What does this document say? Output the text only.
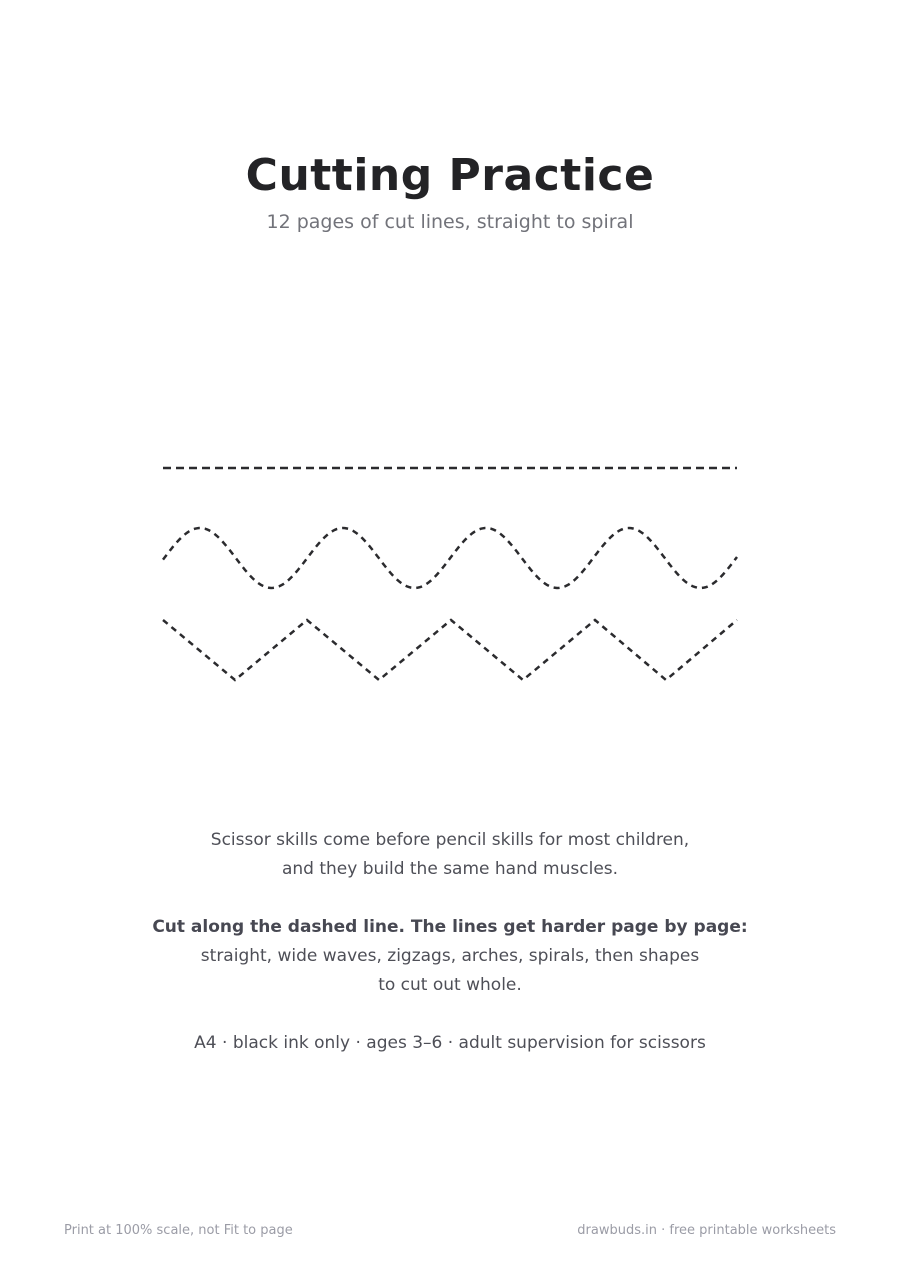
Cutting Practice

12 pages of cut lines, straight to spiral

Scissor skills come before pencil skills for most children,

and they build the same hand muscles.

Cut along the dashed line. The lines get harder page by page:

straight, wide waves, zigzags, arches, spirals, then shapes

to cut out whole.

A4 · black ink only · ages 3–6 · adult supervision for scissors

Print at 100% scale, not Fit to page	drawbuds.in · free printable worksheets
